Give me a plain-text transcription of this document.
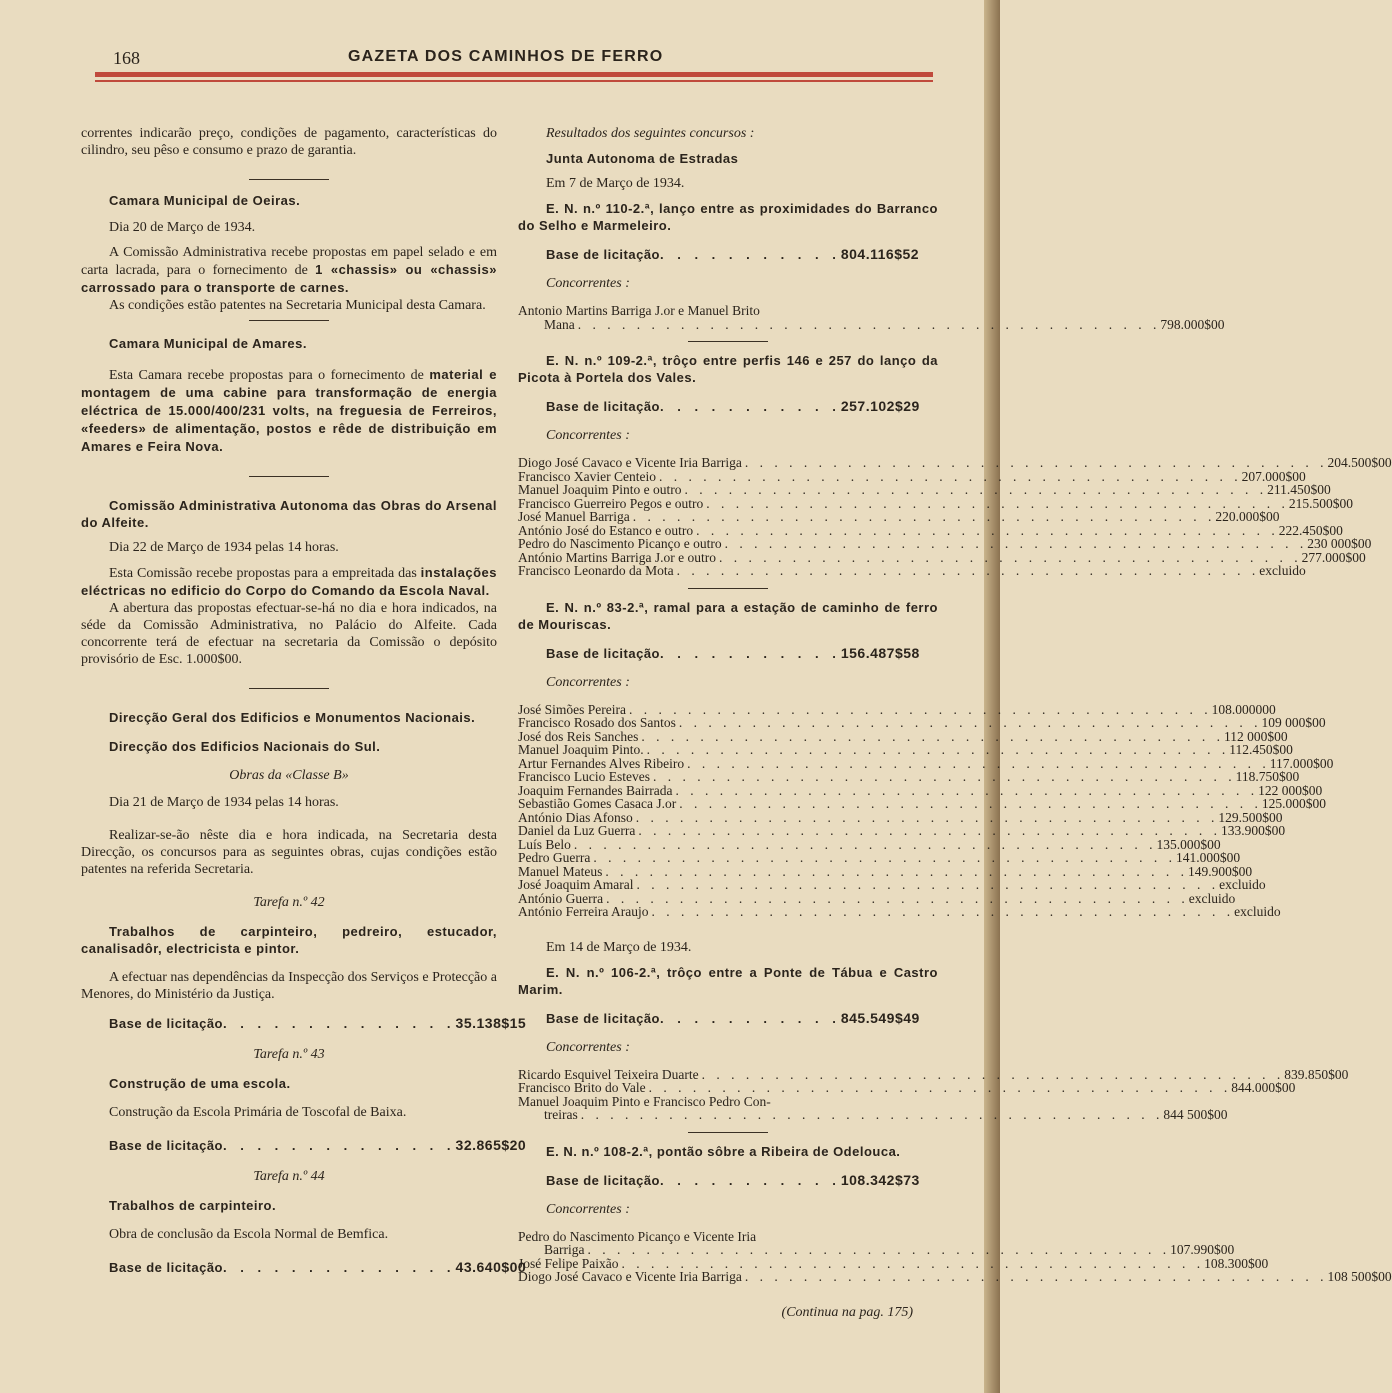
168	GAZETA DOS CAMINHOS DE FERRO

correntes indicarão preço, condições de pagamento, características do cilindro, seu pêso e consumo e prazo de garantia.

Camara Municipal de Oeiras.

Dia 20 de Março de 1934.

A Comissão Administrativa recebe propostas em papel selado e em carta lacrada, para o fornecimento de 1 «chassis» ou «chassis» carrossado para o transporte de carnes.

As condições estão patentes na Secretaria Municipal desta Camara.

Camara Municipal de Amares.

Esta Camara recebe propostas para o fornecimento de material e montagem de uma cabine para transformação de energia eléctrica de 15.000/400/231 volts, na freguesia de Ferreiros, «feeders» de alimentação, postos e rêde de distribuição em Amares e Feira Nova.

Comissão Administrativa Autonoma das Obras do Arsenal do Alfeite.

Dia 22 de Março de 1934 pelas 14 horas.

Esta Comissão recebe propostas para a empreitada das instalações eléctricas no edificio do Corpo do Comando da Escola Naval.

A abertura das propostas efectuar-se-há no dia e hora indicados, na séde da Comissão Administrativa, no Palácio do Alfeite. Cada concorrente terá de efectuar na secretaria da Comissão o depósito provisório de Esc. 1.000$00.

Direcção Geral dos Edificios e Monumentos Nacionais.

Direcção dos Edificios Nacionais do Sul.

Obras da «Classe B»

Dia 21 de Março de 1934 pelas 14 horas.

Realizar-se-ão nêste dia e hora indicada, na Secretaria desta Direcção, os concursos para as seguintes obras, cujas condições estão patentes na referida Secretaria.

Tarefa n.º 42

Trabalhos de carpinteiro, pedreiro, estucador, canalisadôr, electricista e pintor.

A efectuar nas dependências da Inspecção dos Serviços e Protecção a Menores, do Ministério da Justiça.

Base de licitação . . . . . . . . . . . . . . 35.138$15

Tarefa n.º 43

Construção de uma escola.

Construção da Escola Primária de Toscofal de Baixa.

Base de licitação . . . . . . . . . . . . . . 32.865$20

Tarefa n.º 44

Trabalhos de carpinteiro.

Obra de conclusão da Escola Normal de Bemfica.

Base de licitação . . . . . . . . . . . . . . 43.640$00

Resultados dos seguintes concursos :

Junta Autonoma de Estradas

Em 7 de Março de 1934.

E. N. n.º 110-2.ª, lanço entre as proximidades do Barranco do Selho e Marmeleiro.

Base de licitação . . . . . . . . . . . 804.116$52

Concorrentes :

Antonio Martins Barriga J.or e Manuel Brito
Mana . . . . . . . . . . . . . . . . . . . . . . . . . . . . . . . . . . . . . . . . 798.000$00

E. N. n.º 109-2.ª, trôço entre perfis 146 e 257 do lanço da Picota à Portela dos Vales.

Base de licitação . . . . . . . . . . . 257.102$29

Concorrentes :

Diogo José Cavaco e Vicente Iria Barriga . . . . . . . . . . . . . . . . . . . . . . . . . . . . . . . . . . . . . . . . 204.500$00
Francisco Xavier Centeio . . . . . . . . . . . . . . . . . . . . . . . . . . . . . . . . . . . . . . . . 207.000$00
Manuel Joaquim Pinto e outro . . . . . . . . . . . . . . . . . . . . . . . . . . . . . . . . . . . . . . . . 211.450$00
Francisco Guerreiro Pegos e outro . . . . . . . . . . . . . . . . . . . . . . . . . . . . . . . . . . . . . . . . 215.500$00
José Manuel Barriga . . . . . . . . . . . . . . . . . . . . . . . . . . . . . . . . . . . . . . . . 220.000$00
António José do Estanco e outro . . . . . . . . . . . . . . . . . . . . . . . . . . . . . . . . . . . . . . . . 222.450$00
Pedro do Nascimento Picanço e outro . . . . . . . . . . . . . . . . . . . . . . . . . . . . . . . . . . . . . . . . 230 000$00
António Martins Barriga J.or e outro . . . . . . . . . . . . . . . . . . . . . . . . . . . . . . . . . . . . . . . . 277.000$00
Francisco Leonardo da Mota . . . . . . . . . . . . . . . . . . . . . . . . . . . . . . . . . . . . . . . . excluido

E. N. n.º 83-2.ª, ramal para a estação de caminho de ferro de Mouriscas.

Base de licitação . . . . . . . . . . . 156.487$58

Concorrentes :

José Simões Pereira . . . . . . . . . . . . . . . . . . . . . . . . . . . . . . . . . . . . . . . . 108.000000
Francisco Rosado dos Santos . . . . . . . . . . . . . . . . . . . . . . . . . . . . . . . . . . . . . . . . 109 000$00
José dos Reis Sanches . . . . . . . . . . . . . . . . . . . . . . . . . . . . . . . . . . . . . . . . 112 000$00
Manuel Joaquim Pinto. . . . . . . . . . . . . . . . . . . . . . . . . . . . . . . . . . . . . . . . . 112.450$00
Artur Fernandes Alves Ribeiro . . . . . . . . . . . . . . . . . . . . . . . . . . . . . . . . . . . . . . . . 117.000$00
Francisco Lucio Esteves . . . . . . . . . . . . . . . . . . . . . . . . . . . . . . . . . . . . . . . . 118.750$00
Joaquim Fernandes Bairrada . . . . . . . . . . . . . . . . . . . . . . . . . . . . . . . . . . . . . . . . 122 000$00
Sebastião Gomes Casaca J.or . . . . . . . . . . . . . . . . . . . . . . . . . . . . . . . . . . . . . . . . 125.000$00
António Dias Afonso . . . . . . . . . . . . . . . . . . . . . . . . . . . . . . . . . . . . . . . . 129.500$00
Daniel da Luz Guerra . . . . . . . . . . . . . . . . . . . . . . . . . . . . . . . . . . . . . . . . 133.900$00
Luís Belo . . . . . . . . . . . . . . . . . . . . . . . . . . . . . . . . . . . . . . . . 135.000$00
Pedro Guerra . . . . . . . . . . . . . . . . . . . . . . . . . . . . . . . . . . . . . . . . 141.000$00
Manuel Mateus . . . . . . . . . . . . . . . . . . . . . . . . . . . . . . . . . . . . . . . . 149.900$00
José Joaquim Amaral . . . . . . . . . . . . . . . . . . . . . . . . . . . . . . . . . . . . . . . . excluido
António Guerra . . . . . . . . . . . . . . . . . . . . . . . . . . . . . . . . . . . . . . . . excluido
António Ferreira Araujo . . . . . . . . . . . . . . . . . . . . . . . . . . . . . . . . . . . . . . . . excluido

Em 14 de Março de 1934.

E. N. n.º 106-2.ª, trôço entre a Ponte de Tábua e Castro Marim.

Base de licitação . . . . . . . . . . . 845.549$49

Concorrentes :

Ricardo Esquivel Teixeira Duarte . . . . . . . . . . . . . . . . . . . . . . . . . . . . . . . . . . . . . . . . 839.850$00
Francisco Brito do Vale . . . . . . . . . . . . . . . . . . . . . . . . . . . . . . . . . . . . . . . . 844.000$00
Manuel Joaquim Pinto e Francisco Pedro Con-
treiras . . . . . . . . . . . . . . . . . . . . . . . . . . . . . . . . . . . . . . . . 844 500$00

E. N. n.º 108-2.ª, pontão sôbre a Ribeira de Odelouca.

Base de licitação . . . . . . . . . . . 108.342$73

Concorrentes :

Pedro do Nascimento Picanço e Vicente Iria
Barriga . . . . . . . . . . . . . . . . . . . . . . . . . . . . . . . . . . . . . . . . 107.990$00
José Felipe Paixão . . . . . . . . . . . . . . . . . . . . . . . . . . . . . . . . . . . . . . . . 108.300$00
Diogo José Cavaco e Vicente Iria Barriga . . . . . . . . . . . . . . . . . . . . . . . . . . . . . . . . . . . . . . . . 108 500$00

(Continua na pag. 175)
